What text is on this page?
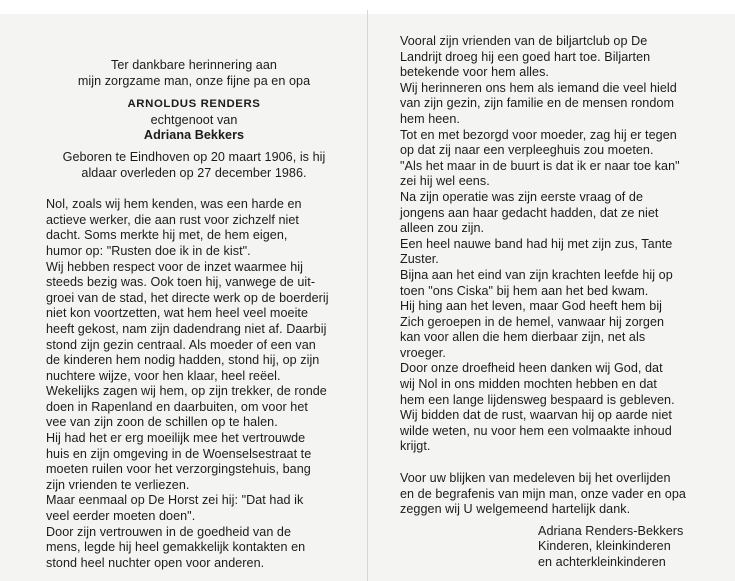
Ter dankbare herinnering aan
mijn zorgzame man, onze fijne pa en opa
ARNOLDUS RENDERS
echtgenoot van
Adriana Bekkers
Geboren te Eindhoven op 20 maart 1906, is hij
aldaar overleden op 27 december 1986.
Nol, zoals wij hem kenden, was een harde en
actieve werker, die aan rust voor zichzelf niet
dacht. Soms merkte hij met, de hem eigen,
humor op: "Rusten doe ik in de kist".
Wij hebben respect voor de inzet waarmee hij
steeds bezig was. Ook toen hij, vanwege de uit-
groei van de stad, het directe werk op de boerderij
niet kon voortzetten, wat hem heel veel moeite
heeft gekost, nam zijn dadendrang niet af. Daarbij
stond zijn gezin centraal. Als moeder of een van
de kinderen hem nodig hadden, stond hij, op zijn
nuchtere wijze, voor hen klaar, heel reëel.
Wekelijks zagen wij hem, op zijn trekker, de ronde
doen in Rapenland en daarbuiten, om voor het
vee van zijn zoon de schillen op te halen.
Hij had het er erg moeilijk mee het vertrouwde
huis en zijn omgeving in de Woenselsestraat te
moeten ruilen voor het verzorgingstehuis, bang
zijn vrienden te verliezen.
Maar eenmaal op De Horst zei hij: "Dat had ik
veel eerder moeten doen".
Door zijn vertrouwen in de goedheid van de
mens, legde hij heel gemakkelijk kontakten en
stond heel nuchter open voor anderen.
Vooral zijn vrienden van de biljartclub op De
Landrijt droeg hij een goed hart toe. Biljarten
betekende voor hem alles.
Wij herinneren ons hem als iemand die veel hield
van zijn gezin, zijn familie en de mensen rondom
hem heen.
Tot en met bezorgd voor moeder, zag hij er tegen
op dat zij naar een verpleeghuis zou moeten.
"Als het maar in de buurt is dat ik er naar toe kan"
zei hij wel eens.
Na zijn operatie was zijn eerste vraag of de
jongens aan haar gedacht hadden, dat ze niet
alleen zou zijn.
Een heel nauwe band had hij met zijn zus, Tante
Zuster.
Bijna aan het eind van zijn krachten leefde hij op
toen "ons Ciska" bij hem aan het bed kwam.
Hij hing aan het leven, maar God heeft hem bij
Zich geroepen in de hemel, vanwaar hij zorgen
kan voor allen die hem dierbaar zijn, net als
vroeger.
Door onze droefheid heen danken wij God, dat
wij Nol in ons midden mochten hebben en dat
hem een lange lijdensweg bespaard is gebleven.
Wij bidden dat de rust, waarvan hij op aarde niet
wilde weten, nu voor hem een volmaakte inhoud
krijgt.
Voor uw blijken van medeleven bij het overlijden
en de begrafenis van mijn man, onze vader en opa
zeggen wij U welgemeend hartelijk dank.
Adriana Renders-Bekkers
Kinderen, kleinkinderen
en achterkleinkinderen
